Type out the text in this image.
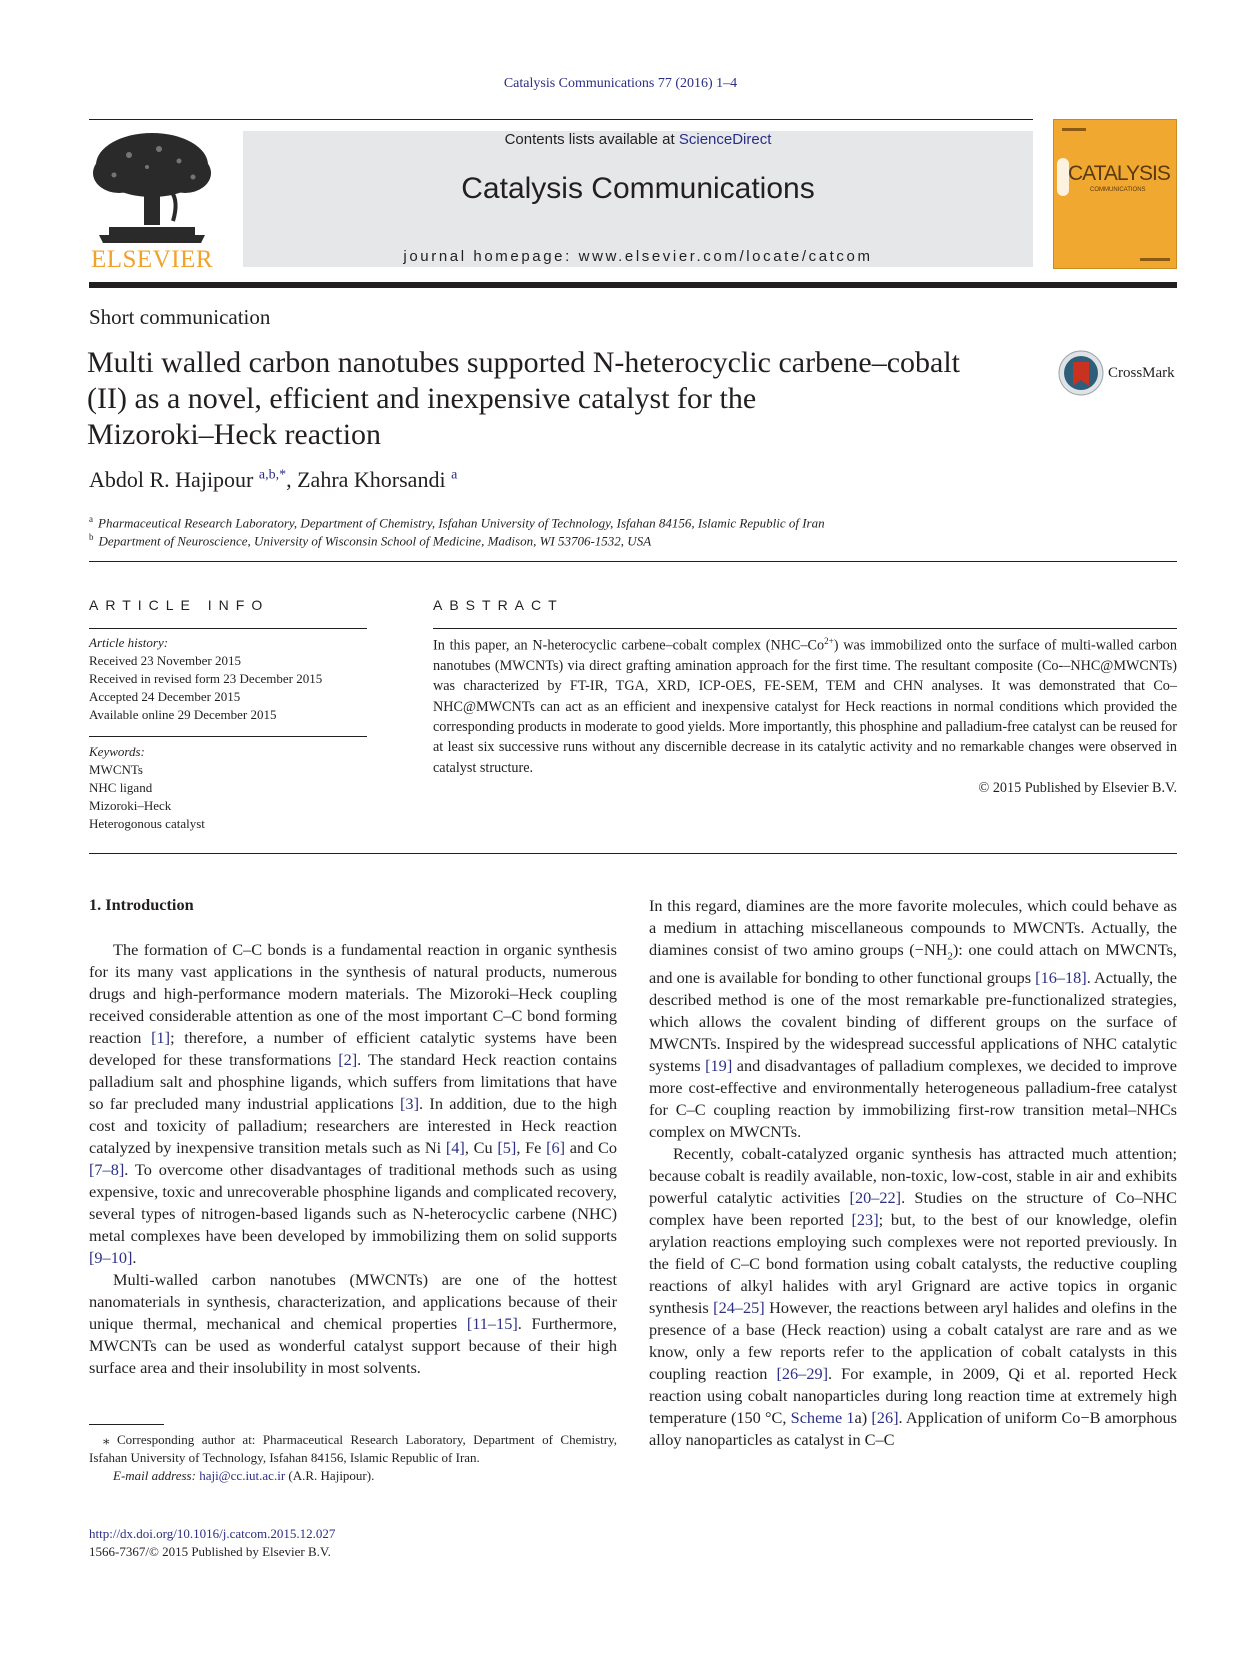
Catalysis Communications 77 (2016) 1–4
ELSEVIER
Contents lists available at ScienceDirect
Catalysis Communications
journal homepage: www.elsevier.com/locate/catcom
CATALYSIS
COMMUNICATIONS
Short communication
Multi walled carbon nanotubes supported N-heterocyclic carbene–cobalt
(II) as a novel, efficient and inexpensive catalyst for the
Mizoroki–Heck reaction
CrossMark
Abdol R. Hajipour $^{a,b,*}$, Zahra Khorsandi $^a$
$^a$ Pharmaceutical Research Laboratory, Department of Chemistry, Isfahan University of Technology, Isfahan 84156, Islamic Republic of Iran
$^b$ Department of Neuroscience, University of Wisconsin School of Medicine, Madison, WI 53706-1532, USA
ARTICLE INFO
Article history:
Received 23 November 2015
Received in revised form 23 December 2015
Accepted 24 December 2015
Available online 29 December 2015
Keywords:
MWCNTs
NHC ligand
Mizoroki–Heck
Heterogonous catalyst
ABSTRACT

In this paper, an N-heterocyclic carbene–cobalt complex $(NHC-Co^{2+})$ was immobilized onto the surface of multi-walled carbon nanotubes (MWCNTs) via direct grafting amination approach for the first time. The resultant composite (Co-–NHC@MWCNTs) was characterized by FT-IR, TGA, XRD, ICP-OES, FE-SEM, TEM and CHN analyses. It was demonstrated that Co–NHC@MWCNTs can act as an efficient and inexpensive catalyst for Heck reactions in normal conditions which provided the corresponding products in moderate to good yields. More importantly, this phosphine and palladium-free catalyst can be reused for at least six successive runs without any discernible decrease in its catalytic activity and no remarkable changes were observed in catalyst structure.

© 2015 Published by Elsevier B.V.
1. Introduction

The formation of C–C bonds is a fundamental reaction in organic synthesis for its many vast applications in the synthesis of natural products, numerous drugs and high-performance modern materials. The Mizoroki–Heck coupling received considerable attention as one of the most important C–C bond forming reaction [1]; therefore, a number of efficient catalytic systems have been developed for these transformations [2]. The standard Heck reaction contains palladium salt and phosphine ligands, which suffers from limitations that have so far precluded many industrial applications [3]. In addition, due to the high cost and toxicity of palladium; researchers are interested in Heck reaction catalyzed by inexpensive transition metals such as Ni [4], Cu [5], Fe [6] and Co [7–8]. To overcome other disadvantages of traditional methods such as using expensive, toxic and unrecoverable phosphine ligands and complicated recovery, several types of nitrogen-based ligands such as N-heterocyclic carbene (NHC) metal complexes have been developed by immobilizing them on solid supports [9–10].

Multi-walled carbon nanotubes (MWCNTs) are one of the hottest nanomaterials in synthesis, characterization, and applications because of their unique thermal, mechanical and chemical properties [11–15]. Furthermore, MWCNTs can be used as wonderful catalyst support because of their high surface area and their insolubility in most solvents.

⁎ Corresponding author at: Pharmaceutical Research Laboratory, Department of Chemistry, Isfahan University of Technology, Isfahan 84156, Islamic Republic of Iran.
E-mail address: haji@cc.iut.ac.ir (A.R. Hajipour).
http://dx.doi.org/10.1016/j.catcom.2015.12.027
1566-7367/© 2015 Published by Elsevier B.V.

In this regard, diamines are the more favorite molecules, which could behave as a medium in attaching miscellaneous compounds to MWCNTs. Actually, the diamines consist of two amino groups $(-NH_2)$: one could attach on MWCNTs, and one is available for bonding to other functional groups [16–18]. Actually, the described method is one of the most remarkable pre-functionalized strategies, which allows the covalent binding of different groups on the surface of MWCNTs. Inspired by the widespread successful applications of NHC catalytic systems [19] and disadvantages of palladium complexes, we decided to improve more cost-effective and environmentally heterogeneous palladium-free catalyst for C–C coupling reaction by immobilizing first-row transition metal–NHCs complex on MWCNTs.

Recently, cobalt-catalyzed organic synthesis has attracted much attention; because cobalt is readily available, non-toxic, low-cost, stable in air and exhibits powerful catalytic activities [20–22]. Studies on the structure of Co–NHC complex have been reported [23]; but, to the best of our knowledge, olefin arylation reactions employing such complexes were not reported previously. In the field of C–C bond formation using cobalt catalysts, the reductive coupling reactions of alkyl halides with aryl Grignard are active topics in organic synthesis [24–25] However, the reactions between aryl halides and olefins in the presence of a base (Heck reaction) using a cobalt catalyst are rare and as we know, only a few reports refer to the application of cobalt catalysts in this coupling reaction [26–29]. For example, in 2009, Qi et al. reported Heck reaction using cobalt nanoparticles during long reaction time at extremely high temperature (150 °C, Scheme 1a) [26]. Application of uniform Co−B amorphous alloy nanoparticles as catalyst in C–C
